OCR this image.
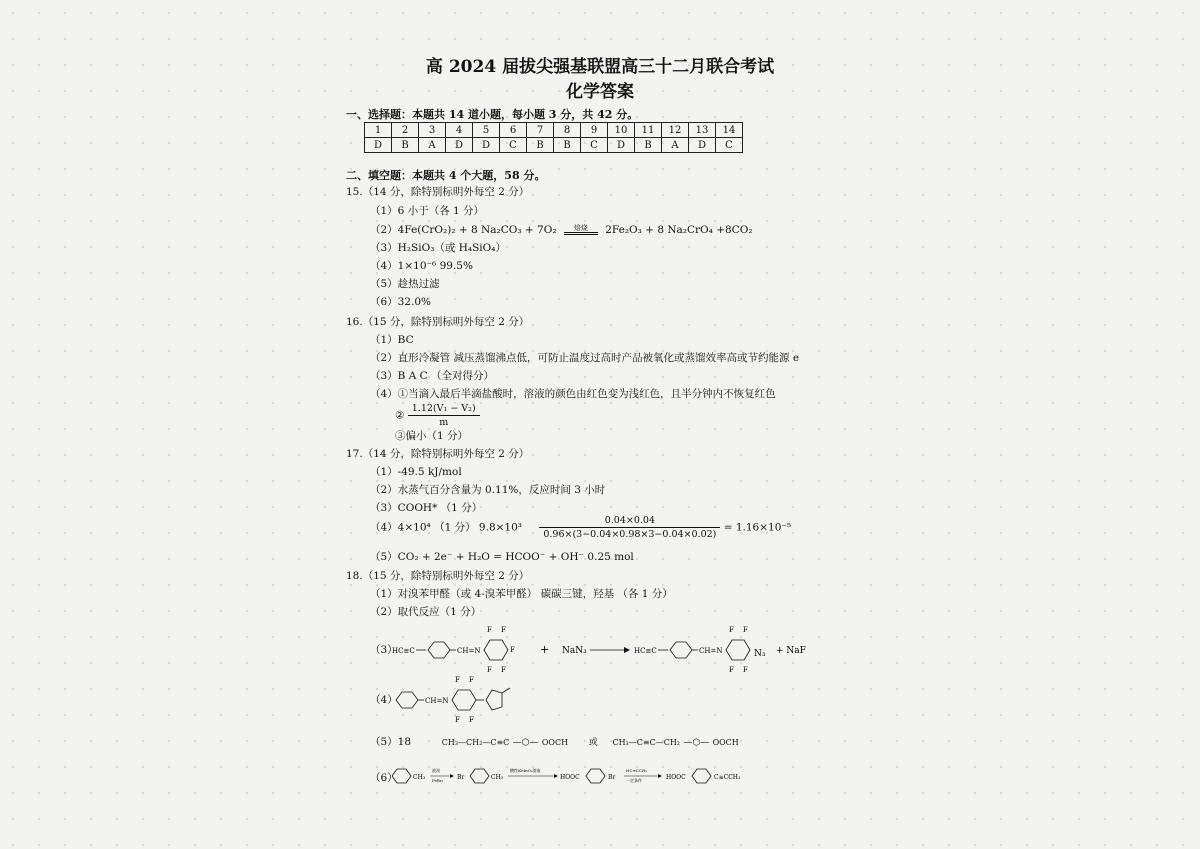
高 2024 届拔尖强基联盟高三十二月联合考试
化学答案
一、选择题：本题共 14 道小题，每小题 3 分，共 42 分。
1	2	3	4	5	6	7	8	9	10	11	12	13	14
D	B	A	D	D	C	B	B	C	D	B	A	D	C
二、填空题：本题共 4 个大题，58 分。
15.（14 分，除特别标明外每空 2 分）
（1）6 小于（各 1 分）
（2）4Fe(CrO₂)₂ + 8 Na₂CO₃ + 7O₂	焙烧	2Fe₂O₃ + 8 Na₂CrO₄ +8CO₂
（3）H₂SiO₃（或 H₄SiO₄）
（4）1×10⁻⁶ 99.5%
（5）趁热过滤
（6）32.0%
16.（15 分，除特别标明外每空 2 分）
（1）BC
（2）直形冷凝管 减压蒸馏沸点低，可防止温度过高时产品被氧化或蒸馏效率高或节约能源 e
（3）B A C （全对得分）
（4）①当滴入最后半滴盐酸时，溶液的颜色由红色变为浅红色，且半分钟内不恢复红色
② $\frac{\text{1.12(V₁ − V₂)}}{m}$
③偏小（1 分）
17.（14 分，除特别标明外每空 2 分）
（1）-49.5 kJ/mol
（2）水蒸气百分含量为 0.11%，反应时间 3 小时
（3）COOH* （1 分）
（4）4×10⁴ （1 分） $9.8\times 10^3 \frac{0.04\times 0.04}{0.96\times(3-0.04\times 0.98\times 3-0.04\times 0.02)} = 1.16\times 10^{-5}$
（5）CO₂ + 2e⁻ + H₂O = HCOO⁻ + OH⁻ 0.25 mol
18.（15 分，除特别标明外每空 2 分）
（1）对溴苯甲醛（或 4-溴苯甲醛） 碳碳三键，羟基 （各 1 分）
（2）取代反应（1 分）
（3）
HC≡C	CH=N
F F
F
F F
+ NaN₃	HC≡C	CH=N
F F
F F
N₃ + NaF
（4）	CH=N
F F
F F
（5）18	CH₃—CH₂—C≡C —⬡— OOCH 或 CH₃—C≡C—CH₂ —⬡— OOCH
（6）	CH₃
液溴
FeBr₃ Br	CH₃
酸性KMnO₄溶液
HOOC	Br
HC≡CCH₃
一定条件	HOOC	C≡CCH₃
